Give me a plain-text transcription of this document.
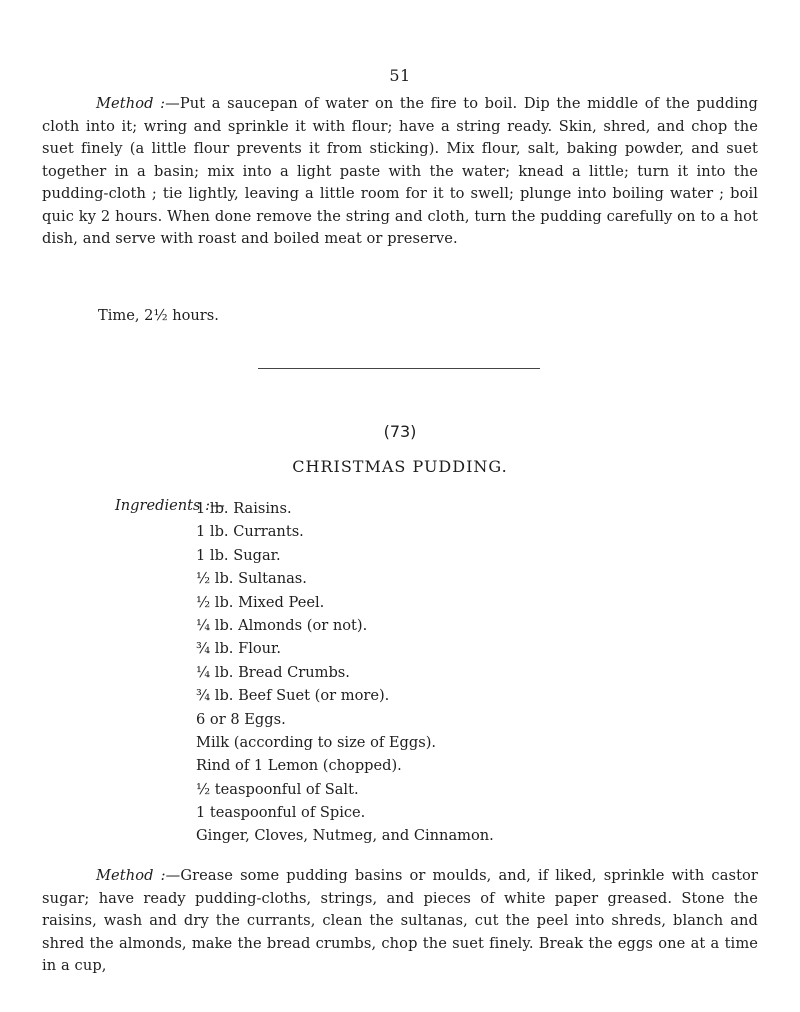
51

Method :—Put a saucepan of water on the fire to boil. Dip the middle of the pudding cloth into it; wring and sprinkle it with flour; have a string ready. Skin, shred, and chop the suet finely (a little flour prevents it from sticking). Mix flour, salt, baking powder, and suet together in a basin; mix into a light paste with the water; knead a little; turn it into the pudding-cloth ; tie lightly, leaving a little room for it to swell; plunge into boiling water ; boil quic ky 2 hours. When done remove the string and cloth, turn the pudding carefully on to a hot dish, and serve with roast and boiled meat or preserve.

Time, 2½ hours.
(73)
CHRISTMAS PUDDING.
Ingredients :—
1 lb. Raisins.
1 lb. Currants.
1 lb. Sugar.
½ lb. Sultanas.
½ lb. Mixed Peel.
¼ lb. Almonds (or not).
¾ lb. Flour.
¼ lb. Bread Crumbs.
¾ lb. Beef Suet (or more).
6 or 8 Eggs.
Milk (according to size of Eggs).
Rind of 1 Lemon (chopped).
½ teaspoonful of Salt.
1 teaspoonful of Spice.
Ginger, Cloves, Nutmeg, and Cinnamon.

Method :—Grease some pudding basins or moulds, and, if liked, sprinkle with castor sugar; have ready pudding-cloths, strings, and pieces of white paper greased. Stone the raisins, wash and dry the currants, clean the sultanas, cut the peel into shreds, blanch and shred the almonds, make the bread crumbs, chop the suet finely. Break the eggs one at a time in a cup,
